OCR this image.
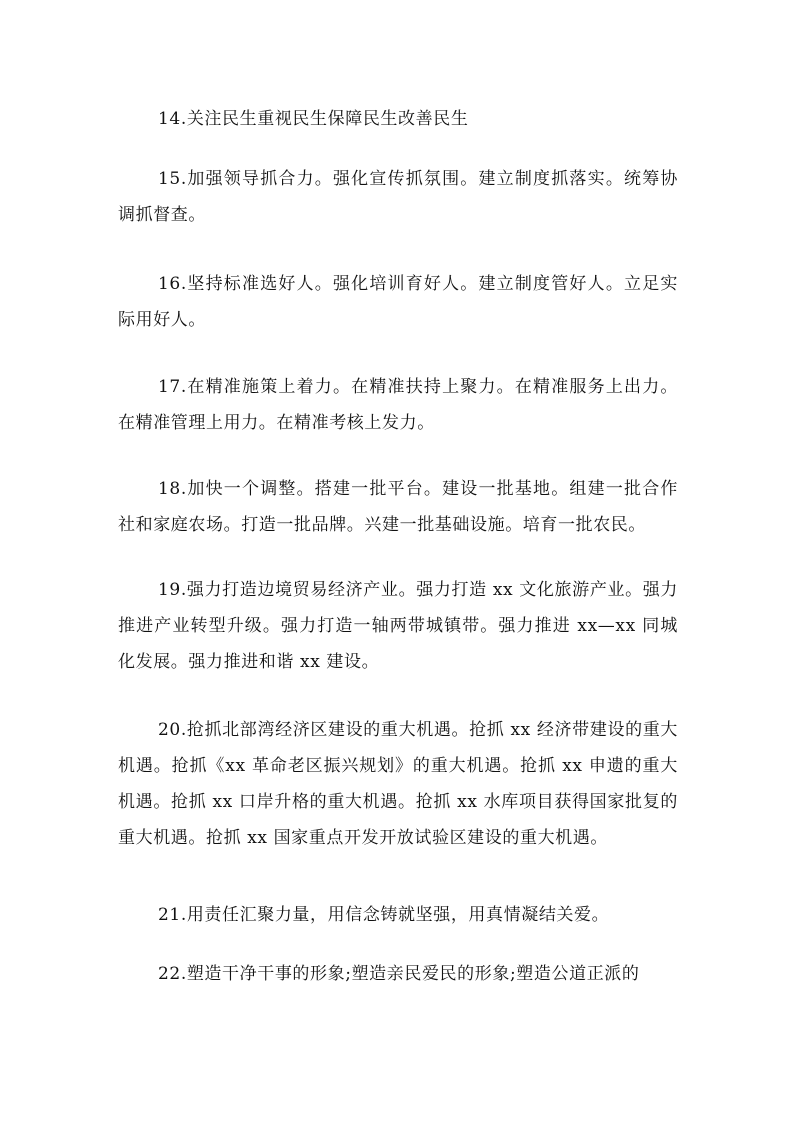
14.关注民生重视民生保障民生改善民生

15.加强领导抓合力。强化宣传抓氛围。建立制度抓落实。统筹协调抓督查。

16.坚持标准选好人。强化培训育好人。建立制度管好人。立足实际用好人。

17.在精准施策上着力。在精准扶持上聚力。在精准服务上出力。在精准管理上用力。在精准考核上发力。

18.加快一个调整。搭建一批平台。建设一批基地。组建一批合作社和家庭农场。打造一批品牌。兴建一批基础设施。培育一批农民。

19.强力打造边境贸易经济产业。强力打造 xx 文化旅游产业。强力推进产业转型升级。强力打造一轴两带城镇带。强力推进 xx—xx 同城化发展。强力推进和谐 xx 建设。

20.抢抓北部湾经济区建设的重大机遇。抢抓 xx 经济带建设的重大机遇。抢抓《xx 革命老区振兴规划》的重大机遇。抢抓 xx 申遗的重大机遇。抢抓 xx 口岸升格的重大机遇。抢抓 xx 水库项目获得国家批复的重大机遇。抢抓 xx 国家重点开发开放试验区建设的重大机遇。

21.用责任汇聚力量，用信念铸就坚强，用真情凝结关爱。

22.塑造干净干事的形象;塑造亲民爱民的形象;塑造公道正派的
